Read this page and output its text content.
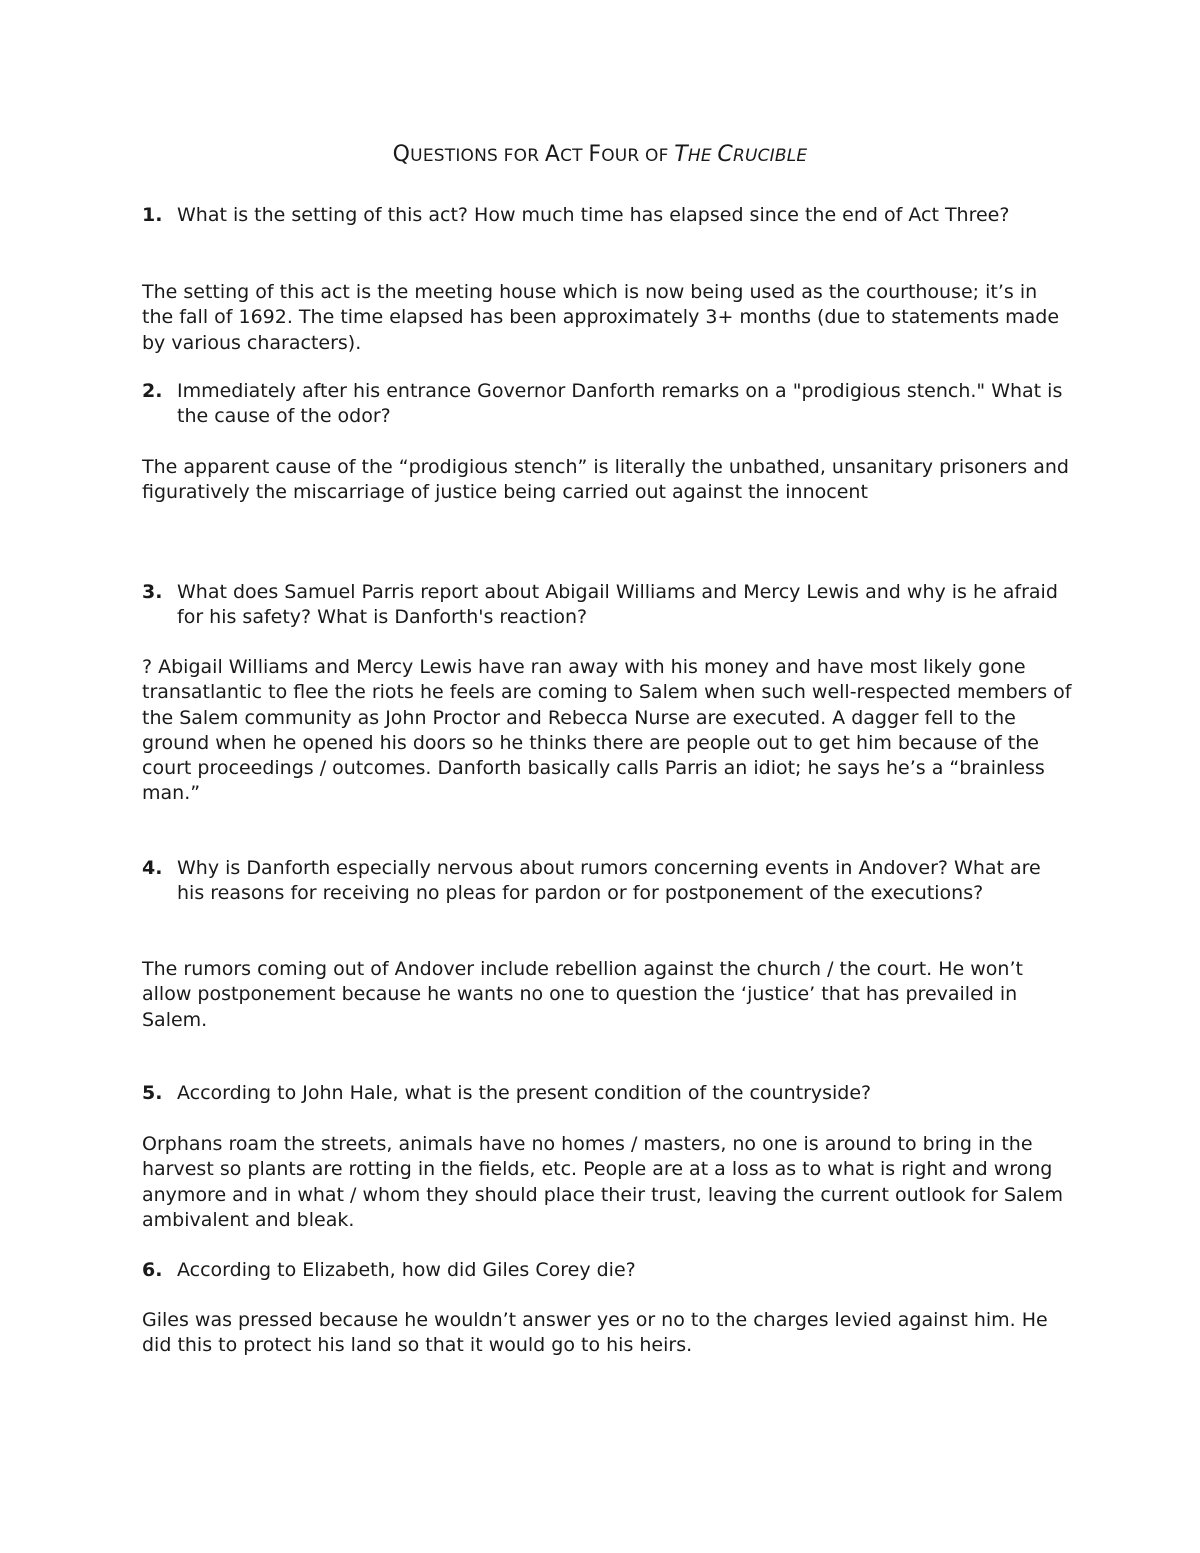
QUESTIONS FOR ACT FOUR OF THE CRUCIBLE
1. What is the setting of this act? How much time has elapsed since the end of Act Three?
The setting of this act is the meeting house which is now being used as the courthouse; it’s in the fall of 1692. The time elapsed has been approximately 3+ months (due to statements made by various characters).
2. Immediately after his entrance Governor Danforth remarks on a "prodigious stench." What is the cause of the odor?
The apparent cause of the “prodigious stench” is literally the unbathed, unsanitary prisoners and figuratively the miscarriage of justice being carried out against the innocent
3. What does Samuel Parris report about Abigail Williams and Mercy Lewis and why is he afraid for his safety? What is Danforth's reaction?
? Abigail Williams and Mercy Lewis have ran away with his money and have most likely gone transatlantic to flee the riots he feels are coming to Salem when such well-respected members of the Salem community as John Proctor and Rebecca Nurse are executed. A dagger fell to the ground when he opened his doors so he thinks there are people out to get him because of the court proceedings / outcomes. Danforth basically calls Parris an idiot; he says he’s a “brainless man.”
4. Why is Danforth especially nervous about rumors concerning events in Andover? What are his reasons for receiving no pleas for pardon or for postponement of the executions?
The rumors coming out of Andover include rebellion against the church / the court. He won’t allow postponement because he wants no one to question the ‘justice’ that has prevailed in Salem.
5. According to John Hale, what is the present condition of the countryside?
Orphans roam the streets, animals have no homes / masters, no one is around to bring in the harvest so plants are rotting in the fields, etc. People are at a loss as to what is right and wrong anymore and in what / whom they should place their trust, leaving the current outlook for Salem ambivalent and bleak.
6. According to Elizabeth, how did Giles Corey die?
Giles was pressed because he wouldn’t answer yes or no to the charges levied against him. He did this to protect his land so that it would go to his heirs.
